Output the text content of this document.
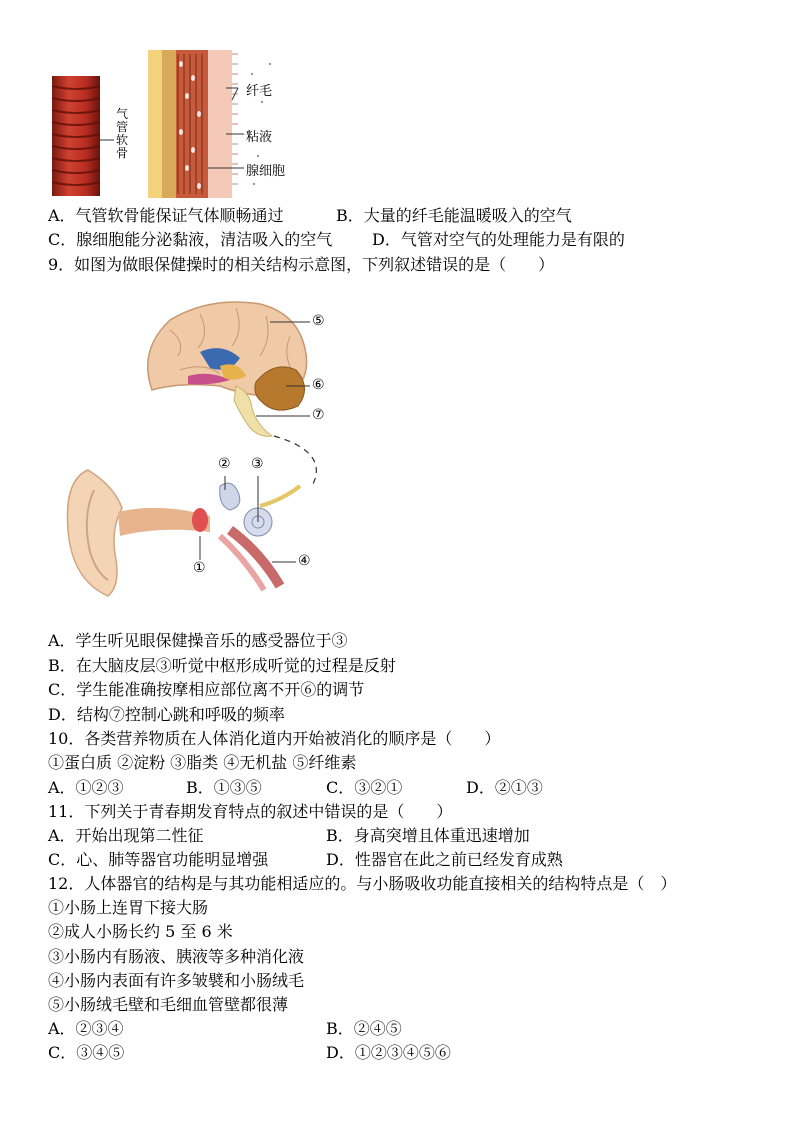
气
管
软
骨
纤毛
粘液
腺细胞
A．气管软骨能保证气体顺畅通过	B．大量的纤毛能温暖吸入的空气
C．腺细胞能分泌黏液，清洁吸入的空气 D．气管对空气的处理能力是有限的
9．如图为做眼保健操时的相关结构示意图，下列叙述错误的是（　　）
⑤
⑥
⑦
② ③
①	④
A．学生听见眼保健操音乐的感受器位于③
B．在大脑皮层③听觉中枢形成听觉的过程是反射
C．学生能准确按摩相应部位离不开⑥的调节
D．结构⑦控制心跳和呼吸的频率
10．各类营养物质在人体消化道内开始被消化的顺序是（　　）
①蛋白质 ②淀粉 ③脂类 ④无机盐 ⑤纤维素
A．①②③	B．①③⑤	C．③②①	D．②①③
11．下列关于青春期发育特点的叙述中错误的是（　　）
A．开始出现第二性征	B．身高突增且体重迅速增加
C．心、肺等器官功能明显增强	D．性器官在此之前已经发育成熟
12．人体器官的结构是与其功能相适应的。与小肠吸收功能直接相关的结构特点是（　）
①小肠上连胃下接大肠
②成人小肠长约 5 至 6 米
③小肠内有肠液、胰液等多种消化液
④小肠内表面有许多皱襞和小肠绒毛
⑤小肠绒毛壁和毛细血管壁都很薄
A．②③④	B．②④⑤
C．③④⑤	D．①②③④⑤⑥
